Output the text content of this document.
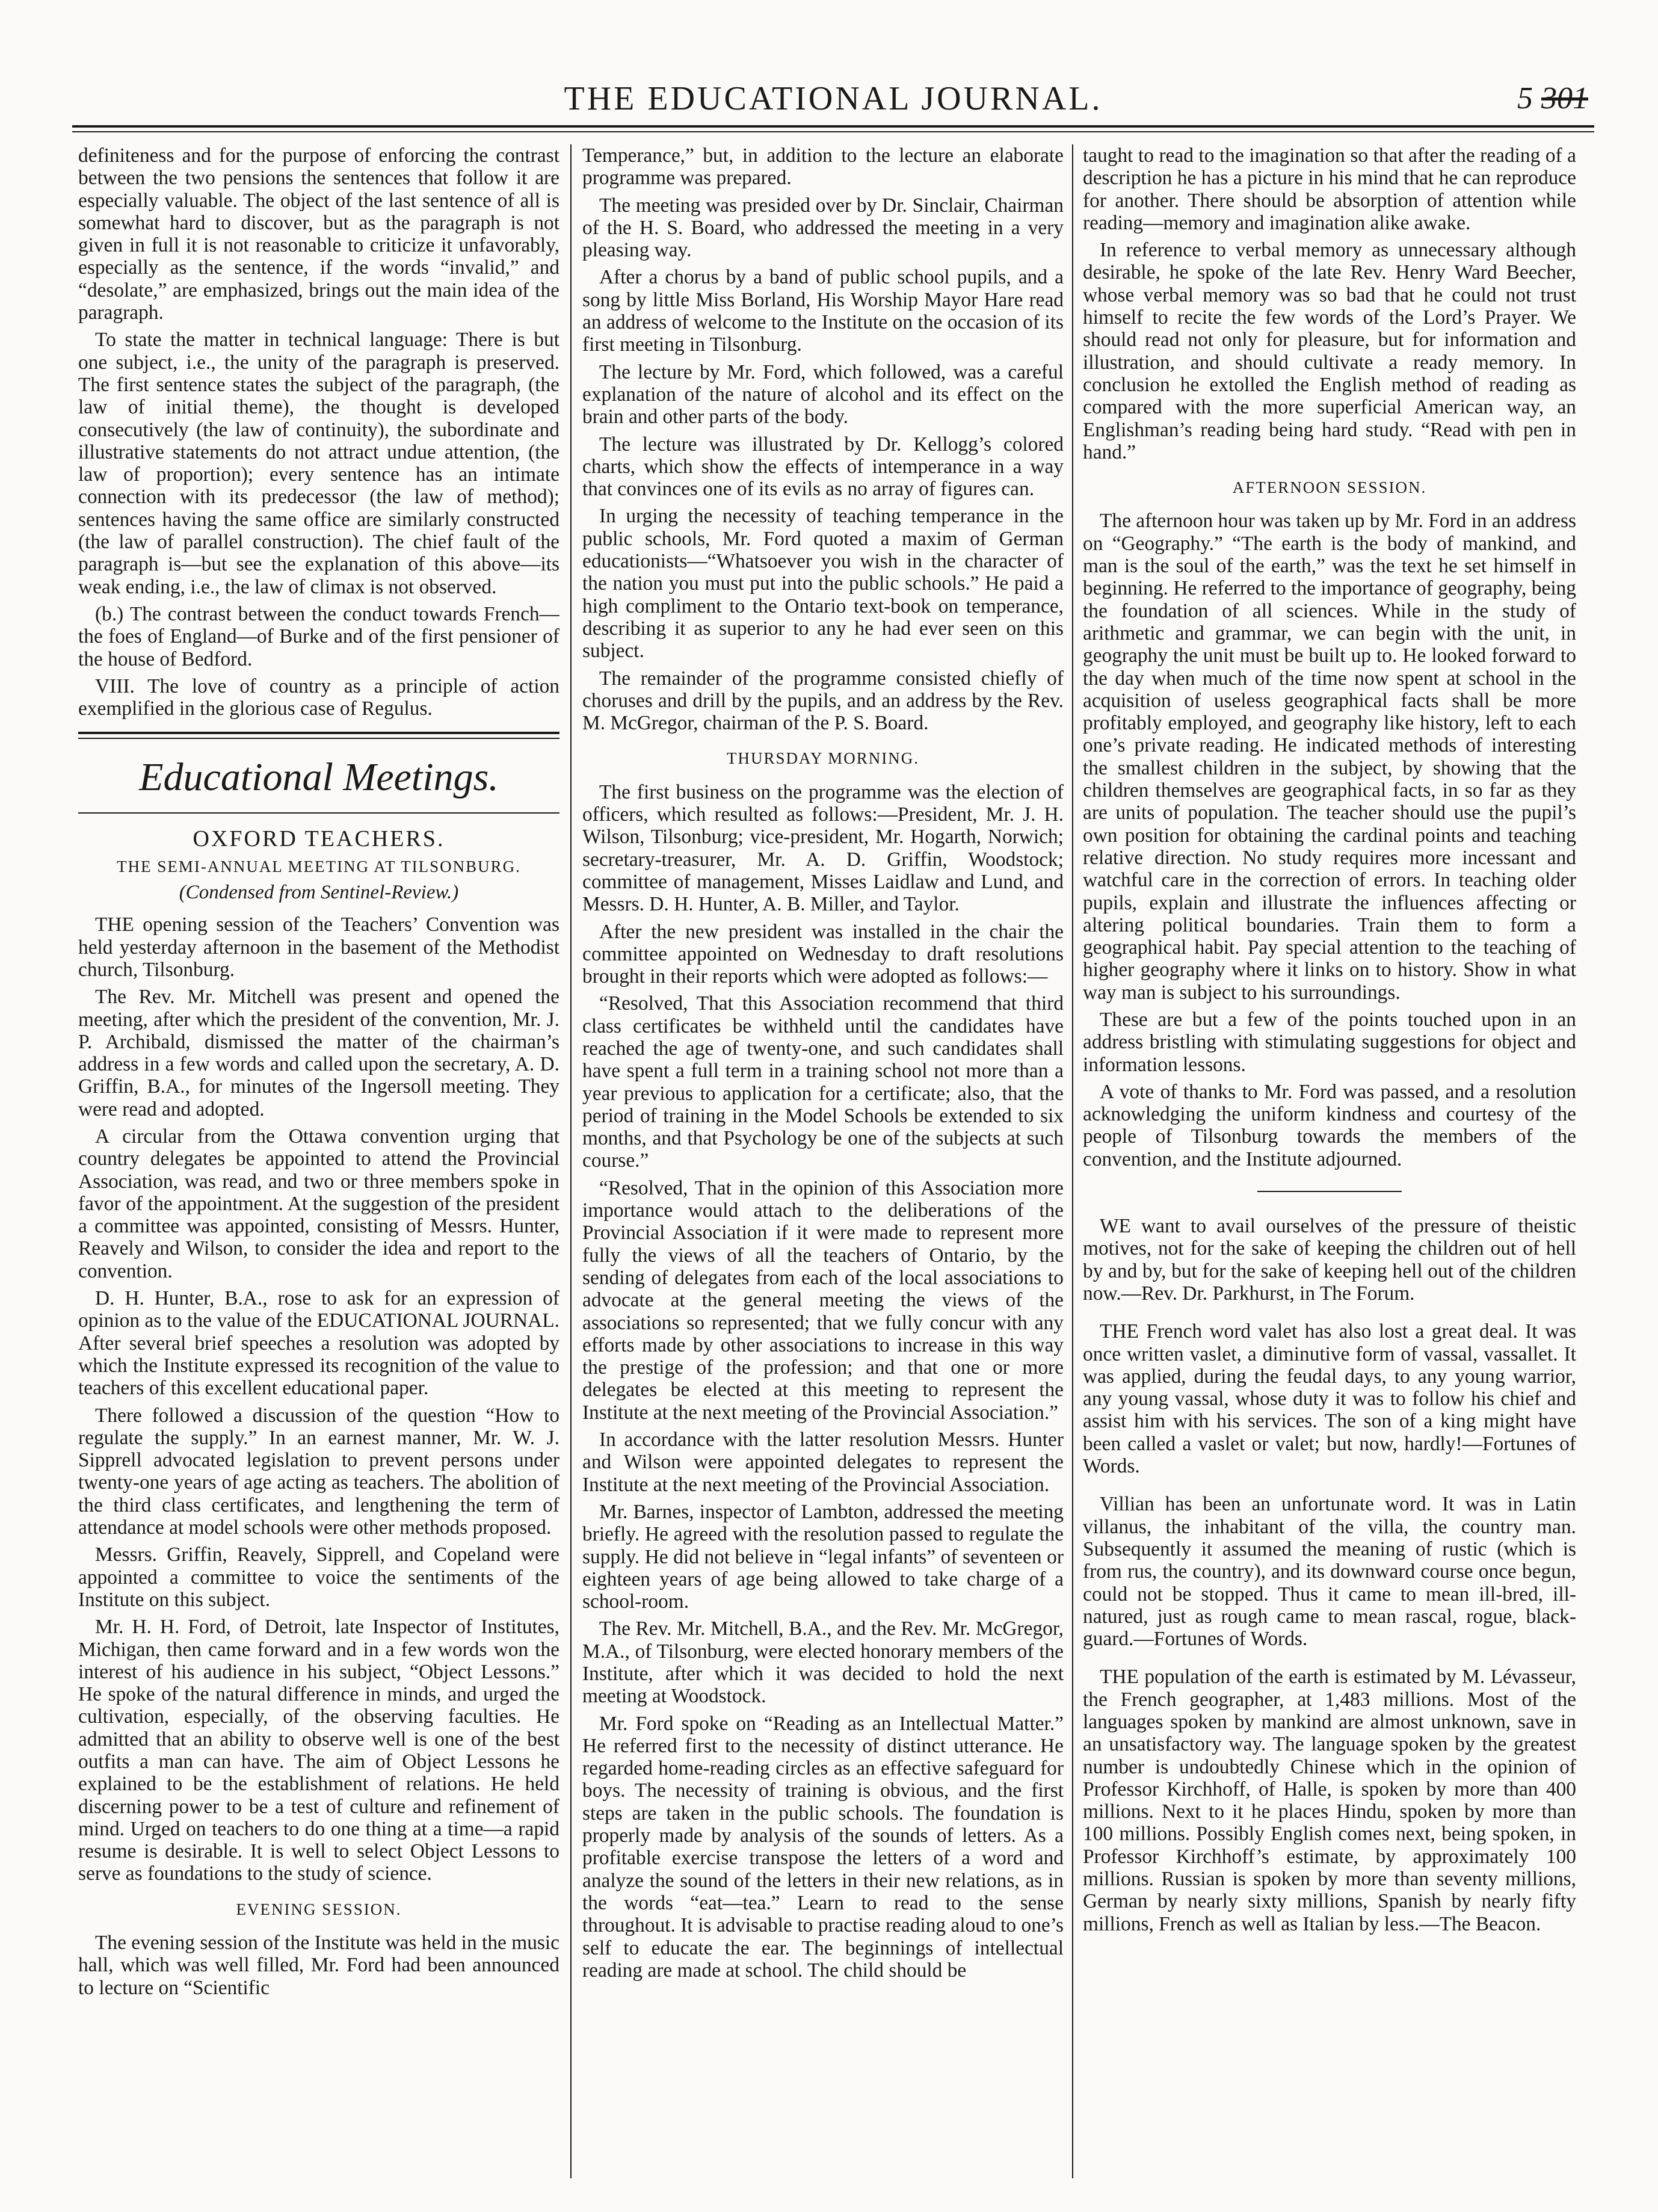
THE EDUCATIONAL JOURNAL.	5 301

definiteness and for the purpose of enforcing the contrast between the two pensions the sentences that follow it are especially valuable. The object of the last sentence of all is somewhat hard to discover, but as the paragraph is not given in full it is not reasonable to criticize it unfavorably, especially as the sentence, if the words “invalid,” and “desolate,” are emphasized, brings out the main idea of the paragraph.

To state the matter in technical language: There is but one subject, i.e., the unity of the paragraph is preserved. The first sentence states the subject of the paragraph, (the law of initial theme), the thought is developed consecutively (the law of continuity), the subordinate and illustrative statements do not attract undue attention, (the law of proportion); every sentence has an intimate connection with its predecessor (the law of method); sentences having the same office are similarly constructed (the law of parallel construction). The chief fault of the paragraph is—but see the explanation of this above—its weak ending, i.e., the law of climax is not observed.

(b.) The contrast between the conduct towards French—the foes of England—of Burke and of the first pensioner of the house of Bedford.

VIII. The love of country as a principle of action exemplified in the glorious case of Regulus.

Educational Meetings.
OXFORD TEACHERS.
THE SEMI-ANNUAL MEETING AT TILSONBURG.
(Condensed from Sentinel-Review.)

THE opening session of the Teachers’ Convention was held yesterday afternoon in the basement of the Methodist church, Tilsonburg.

The Rev. Mr. Mitchell was present and opened the meeting, after which the president of the convention, Mr. J. P. Archibald, dismissed the matter of the chairman’s address in a few words and called upon the secretary, A. D. Griffin, B.A., for minutes of the Ingersoll meeting. They were read and adopted.

A circular from the Ottawa convention urging that country delegates be appointed to attend the Provincial Association, was read, and two or three members spoke in favor of the appointment. At the suggestion of the president a committee was appointed, consisting of Messrs. Hunter, Reavely and Wilson, to consider the idea and report to the convention.

D. H. Hunter, B.A., rose to ask for an expression of opinion as to the value of the EDUCATIONAL JOURNAL. After several brief speeches a resolution was adopted by which the Institute expressed its recognition of the value to teachers of this excellent educational paper.

There followed a discussion of the question “How to regulate the supply.” In an earnest manner, Mr. W. J. Sipprell advocated legislation to prevent persons under twenty-one years of age acting as teachers. The abolition of the third class certificates, and lengthening the term of attendance at model schools were other methods proposed.

Messrs. Griffin, Reavely, Sipprell, and Copeland were appointed a committee to voice the sentiments of the Institute on this subject.

Mr. H. H. Ford, of Detroit, late Inspector of Institutes, Michigan, then came forward and in a few words won the interest of his audience in his subject, “Object Lessons.” He spoke of the natural difference in minds, and urged the cultivation, especially, of the observing faculties. He admitted that an ability to observe well is one of the best outfits a man can have. The aim of Object Lessons he explained to be the establishment of relations. He held discerning power to be a test of culture and refinement of mind. Urged on teachers to do one thing at a time—a rapid resume is desirable. It is well to select Object Lessons to serve as foundations to the study of science.

EVENING SESSION.

The evening session of the Institute was held in the music hall, which was well filled, Mr. Ford had been announced to lecture on “Scientific

Temperance,” but, in addition to the lecture an elaborate programme was prepared.

The meeting was presided over by Dr. Sinclair, Chairman of the H. S. Board, who addressed the meeting in a very pleasing way.

After a chorus by a band of public school pupils, and a song by little Miss Borland, His Worship Mayor Hare read an address of welcome to the Institute on the occasion of its first meeting in Tilsonburg.

The lecture by Mr. Ford, which followed, was a careful explanation of the nature of alcohol and its effect on the brain and other parts of the body.

The lecture was illustrated by Dr. Kellogg’s colored charts, which show the effects of intemperance in a way that convinces one of its evils as no array of figures can.

In urging the necessity of teaching temperance in the public schools, Mr. Ford quoted a maxim of German educationists—“Whatsoever you wish in the character of the nation you must put into the public schools.” He paid a high compliment to the Ontario text-book on temperance, describing it as superior to any he had ever seen on this subject.

The remainder of the programme consisted chiefly of choruses and drill by the pupils, and an address by the Rev. M. McGregor, chairman of the P. S. Board.

THURSDAY MORNING.

The first business on the programme was the election of officers, which resulted as follows:—President, Mr. J. H. Wilson, Tilsonburg; vice-president, Mr. Hogarth, Norwich; secretary-treasurer, Mr. A. D. Griffin, Woodstock; committee of management, Misses Laidlaw and Lund, and Messrs. D. H. Hunter, A. B. Miller, and Taylor.

After the new president was installed in the chair the committee appointed on Wednesday to draft resolutions brought in their reports which were adopted as follows:—

“Resolved, That this Association recommend that third class certificates be withheld until the candidates have reached the age of twenty-one, and such candidates shall have spent a full term in a training school not more than a year previous to application for a certificate; also, that the period of training in the Model Schools be extended to six months, and that Psychology be one of the subjects at such course.”

“Resolved, That in the opinion of this Association more importance would attach to the deliberations of the Provincial Association if it were made to represent more fully the views of all the teachers of Ontario, by the sending of delegates from each of the local associations to advocate at the general meeting the views of the associations so represented; that we fully concur with any efforts made by other associations to increase in this way the prestige of the profession; and that one or more delegates be elected at this meeting to represent the Institute at the next meeting of the Provincial Association.”

In accordance with the latter resolution Messrs. Hunter and Wilson were appointed delegates to represent the Institute at the next meeting of the Provincial Association.

Mr. Barnes, inspector of Lambton, addressed the meeting briefly. He agreed with the resolution passed to regulate the supply. He did not believe in “legal infants” of seventeen or eighteen years of age being allowed to take charge of a school-room.

The Rev. Mr. Mitchell, B.A., and the Rev. Mr. McGregor, M.A., of Tilsonburg, were elected honorary members of the Institute, after which it was decided to hold the next meeting at Woodstock.

Mr. Ford spoke on “Reading as an Intellectual Matter.” He referred first to the necessity of distinct utterance. He regarded home-reading circles as an effective safeguard for boys. The necessity of training is obvious, and the first steps are taken in the public schools. The foundation is properly made by analysis of the sounds of letters. As a profitable exercise transpose the letters of a word and analyze the sound of the letters in their new relations, as in the words “eat—tea.” Learn to read to the sense throughout. It is advisable to practise reading aloud to one’s self to educate the ear. The beginnings of intellectual reading are made at school. The child should be

taught to read to the imagination so that after the reading of a description he has a picture in his mind that he can reproduce for another. There should be absorption of attention while reading—memory and imagination alike awake.

In reference to verbal memory as unnecessary although desirable, he spoke of the late Rev. Henry Ward Beecher, whose verbal memory was so bad that he could not trust himself to recite the few words of the Lord’s Prayer. We should read not only for pleasure, but for information and illustration, and should cultivate a ready memory. In conclusion he extolled the English method of reading as compared with the more superficial American way, an Englishman’s reading being hard study. “Read with pen in hand.”

AFTERNOON SESSION.

The afternoon hour was taken up by Mr. Ford in an address on “Geography.” “The earth is the body of mankind, and man is the soul of the earth,” was the text he set himself in beginning. He referred to the importance of geography, being the foundation of all sciences. While in the study of arithmetic and grammar, we can begin with the unit, in geography the unit must be built up to. He looked forward to the day when much of the time now spent at school in the acquisition of useless geographical facts shall be more profitably employed, and geography like history, left to each one’s private reading. He indicated methods of interesting the smallest children in the subject, by showing that the children themselves are geographical facts, in so far as they are units of population. The teacher should use the pupil’s own position for obtaining the cardinal points and teaching relative direction. No study requires more incessant and watchful care in the correction of errors. In teaching older pupils, explain and illustrate the influences affecting or altering political boundaries. Train them to form a geographical habit. Pay special attention to the teaching of higher geography where it links on to history. Show in what way man is subject to his surroundings.

These are but a few of the points touched upon in an address bristling with stimulating suggestions for object and information lessons.

A vote of thanks to Mr. Ford was passed, and a resolution acknowledging the uniform kindness and courtesy of the people of Tilsonburg towards the members of the convention, and the Institute adjourned.

WE want to avail ourselves of the pressure of theistic motives, not for the sake of keeping the children out of hell by and by, but for the sake of keeping hell out of the children now.—Rev. Dr. Parkhurst, in The Forum.

THE French word valet has also lost a great deal. It was once written vaslet, a diminutive form of vassal, vassallet. It was applied, during the feudal days, to any young warrior, any young vassal, whose duty it was to follow his chief and assist him with his services. The son of a king might have been called a vaslet or valet; but now, hardly!—Fortunes of Words.

Villian has been an unfortunate word. It was in Latin villanus, the inhabitant of the villa, the country man. Subsequently it assumed the meaning of rustic (which is from rus, the country), and its downward course once begun, could not be stopped. Thus it came to mean ill-bred, ill-natured, just as rough came to mean rascal, rogue, black-guard.—Fortunes of Words.

THE population of the earth is estimated by M. Lévasseur, the French geographer, at 1,483 millions. Most of the languages spoken by mankind are almost unknown, save in an unsatisfactory way. The language spoken by the greatest number is undoubtedly Chinese which in the opinion of Professor Kirchhoff, of Halle, is spoken by more than 400 millions. Next to it he places Hindu, spoken by more than 100 millions. Possibly English comes next, being spoken, in Professor Kirchhoff’s estimate, by approximately 100 millions. Russian is spoken by more than seventy millions, German by nearly sixty millions, Spanish by nearly fifty millions, French as well as Italian by less.—The Beacon.
